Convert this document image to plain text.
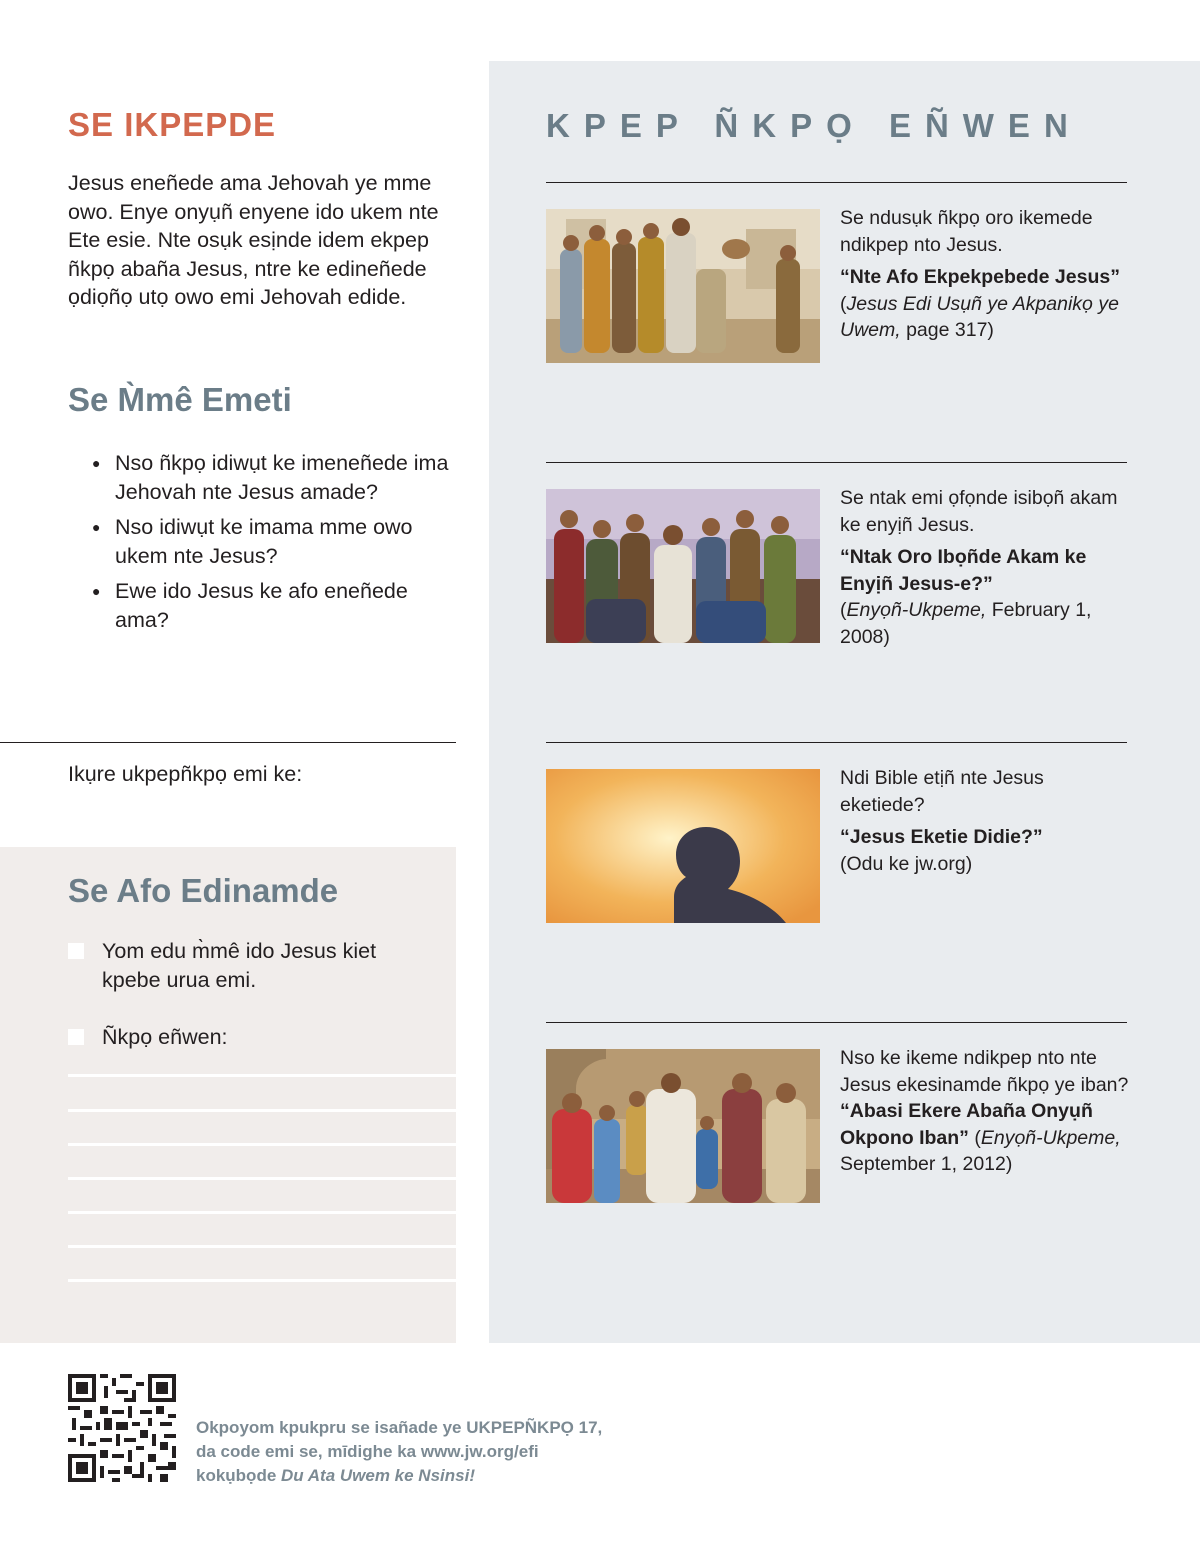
SE IKPEPDE

Jesus eneñede ama Jehovah ye mme owo. Enye onyụñ enyene ido ukem nte Ete esie. Nte osụk esịnde idem ekpep ñkpọ abaña Jesus, ntre ke edineñede ọdiọñọ utọ owo emi Jehovah edide.

Se M̀mê Emeti
● Nso ñkpọ idiwụt ke imeneñede ima Jehovah nte Jesus amade?
● Nso idiwụt ke imama mme owo ukem nte Jesus?
● Ewe ido Jesus ke afo eneñede ama?
Ikụre ukpepñkpọ emi ke:
Se Afo Edinamde
Yom edu m̀mê ido Jesus kiet kpebe urua emi.
Ñkpọ eñwen:
KPEP ÑKPỌ EÑWEN
Se ndusụk ñkpọ oro ikemede ndikpep nto Jesus.
“Nte Afo Ekpekpebede Jesus”
(Jesus Edi Usụñ ye Akpanikọ ye Uwem, page 317)
Se ntak emi ọfọnde isibọñ akam ke enyịñ Jesus.
“Ntak Oro Ibọñde Akam ke Enyịñ Jesus-e?”
(Enyọñ-Ukpeme, February 1, 2008)
Ndi Bible etịñ nte Jesus eketiede?
“Jesus Eketie Didie?”
(Odu ke jw.org)
Nso ke ikeme ndikpep nto nte Jesus ekesinamde ñkpọ ye iban?
“Abasi Ekere Abaña Onyụñ Okpono Iban” (Enyọñ-Ukpeme, September 1, 2012)
Okpoyom kpukpru se isañade ye UKPEPÑKPỌ 17,
da code emi se, mīdighe ka www.jw.org/efi
kokụbọde Du Ata Uwem ke Nsinsi!
